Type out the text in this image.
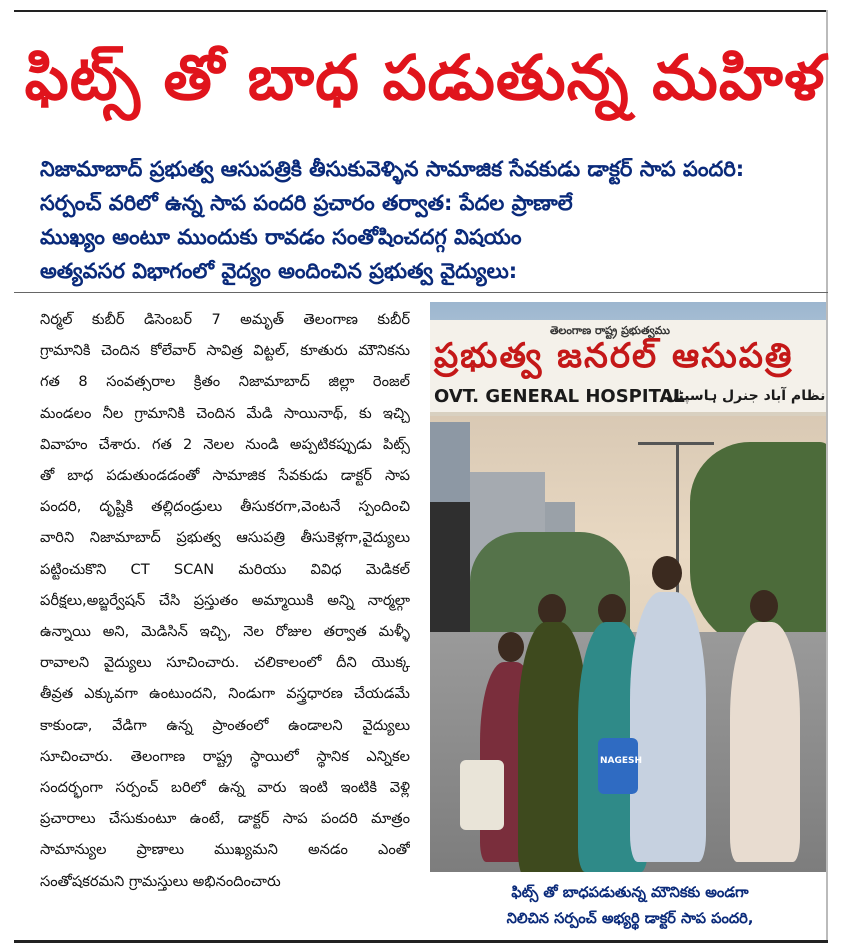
ఫిట్స్ తో బాధ పడుతున్న మహిళ
నిజామాబాద్ ప్రభుత్వ ఆసుపత్రికి తీసుకువెళ్ళిన సామాజిక సేవకుడు డాక్టర్ సాప పందరి:
సర్పంచ్ వరిలో ఉన్న సాప పందరి ప్రచారం తర్వాత: పేదల ప్రాణాలే
ముఖ్యం అంటూ ముందుకు రావడం సంతోషించదగ్గ విషయం
అత్యవసర విభాగంలో వైద్యం అందించిన ప్రభుత్వ వైద్యులు:
నిర్మల్ కుబీర్ డిసెంబర్ 7 అమృత్ తెలంగాణ కుబీర్
గ్రామానికి చెందిన కోలేవార్ సావిత్ర విట్టల్, కూతురు మౌనికను
గత 8 సంవత్సరాల క్రితం నిజామాబాద్ జిల్లా రెంజల్
మండలం నీల గ్రామానికి చెందిన మేడి సాయినాథ్, కు ఇచ్చి
వివాహం చేశారు. గత 2 నెలల నుండి అప్పటికప్పుడు పిట్స్
తో బాధ పడుతుండడంతో సామాజిక సేవకుడు డాక్టర్ సాప
పందరి, దృష్టికి తల్లిదండ్రులు తీసుకరగా,వెంటనే స్పందించి
వారిని నిజామాబాద్ ప్రభుత్వ ఆసుపత్రి తీసుకెళ్లగా,వైద్యులు
పట్టించుకొని CT SCAN మరియు వివిధ మెడికల్
పరీక్షలు,అబ్జర్వేషన్ చేసి ప్రస్తుతం అమ్మాయికి అన్ని నార్మల్గా
ఉన్నాయి అని, మెడిసిన్ ఇచ్చి, నెల రోజుల తర్వాత మళ్ళీ
రావాలని వైద్యులు సూచించారు. చలికాలంలో దీని యొక్క
తీవ్రత ఎక్కువగా ఉంటుందని, నిండుగా వస్త్రధారణ చేయడమే
కాకుండా, వేడిగా ఉన్న ప్రాంతంలో ఉండాలని వైద్యులు
సూచించారు. తెలంగాణ రాష్ట్ర స్థాయిలో స్థానిక ఎన్నికల
సందర్భంగా సర్పంచ్ బరిలో ఉన్న వారు ఇంటి ఇంటికి వెళ్లి
ప్రచారాలు చేసుకుంటూ ఉంటే, డాక్టర్ సాప పందరి మాత్రం
సామాన్యుల ప్రాణాలు ముఖ్యమని అనడం ఎంతో
సంతోషకరమని గ్రామస్తులు అభినందించారు
తెలంగాణ రాష్ట్ర ప్రభుత్వము
ప్రభుత్వ జనరల్ ఆసుపత్రి
OVT. GENERAL HOSPITAL
نظام آباد جنرل ہاسپٹل
NAGESH
ఫిట్స్ తో బాధపడుతున్న మౌనికకు అండగా
నిలిచిన సర్పంచ్ అభ్యర్థి డాక్టర్ సాప పందరి,
